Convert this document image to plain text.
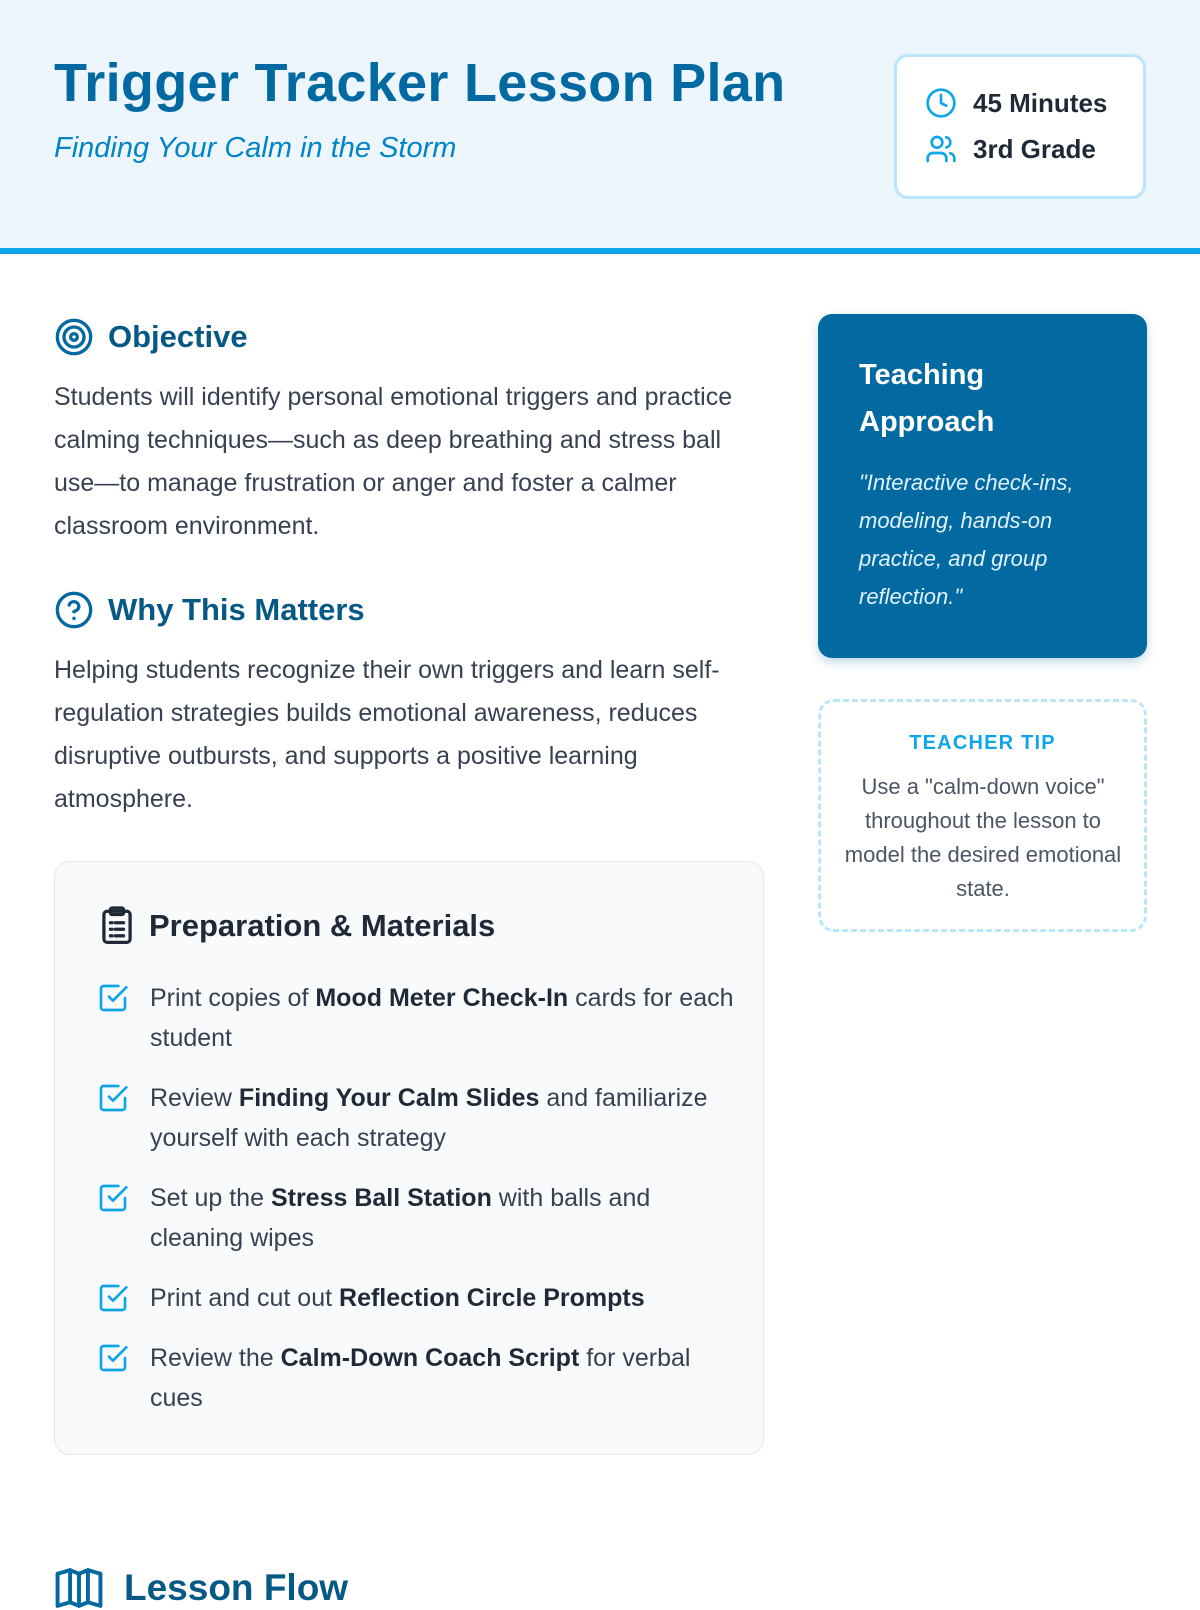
Trigger Tracker Lesson Plan

Finding Your Calm in the Storm

45 Minutes
3rd Grade
Objective

Students will identify personal emotional triggers and practice calming techniques—such as deep breathing and stress ball use—to manage frustration or anger and foster a calmer classroom environment.

Why This Matters

Helping students recognize their own triggers and learn self-regulation strategies builds emotional awareness, reduces disruptive outbursts, and supports a positive learning atmosphere.

Preparation & Materials
Print copies of Mood Meter Check-In cards for each student
Review Finding Your Calm Slides and familiarize yourself with each strategy
Set up the Stress Ball Station with balls and cleaning wipes
Print and cut out Reflection Circle Prompts
Review the Calm-Down Coach Script for verbal cues
Teaching Approach

"Interactive check-ins, modeling, hands-on practice, and group reflection."

TEACHER TIP

Use a "calm-down voice" throughout the lesson to model the desired emotional state.

Lesson Flow
